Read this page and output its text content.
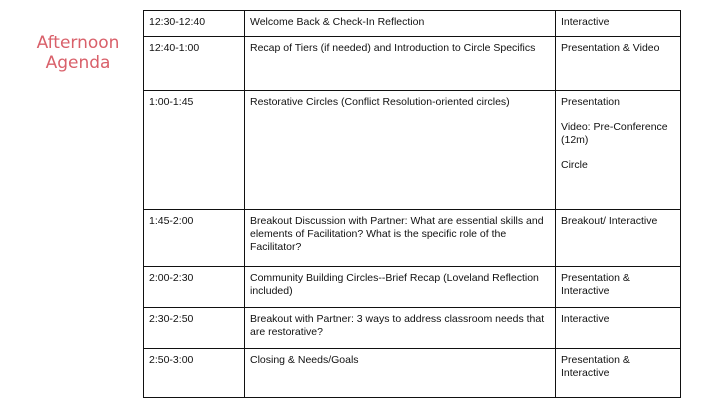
Afternoon
Agenda
12:30-12:40	Welcome Back & Check-In Reflection	Interactive
12:40-1:00	Recap of Tiers (if needed) and Introduction to Circle Specifics	Presentation & Video
1:00-1:45	Restorative Circles (Conflict Resolution-oriented circles)	Presentation
Video: Pre-Conference (12m)
Circle

1:45-2:00	Breakout Discussion with Partner: What are essential skills and elements of Facilitation? What is the specific role of the Facilitator?	Breakout/ Interactive
2:00-2:30	Community Building Circles--Brief Recap (Loveland Reflection included)	Presentation & Interactive
2:30-2:50	Breakout with Partner: 3 ways to address classroom needs that are restorative?	Interactive
2:50-3:00	Closing & Needs/Goals	Presentation & Interactive
